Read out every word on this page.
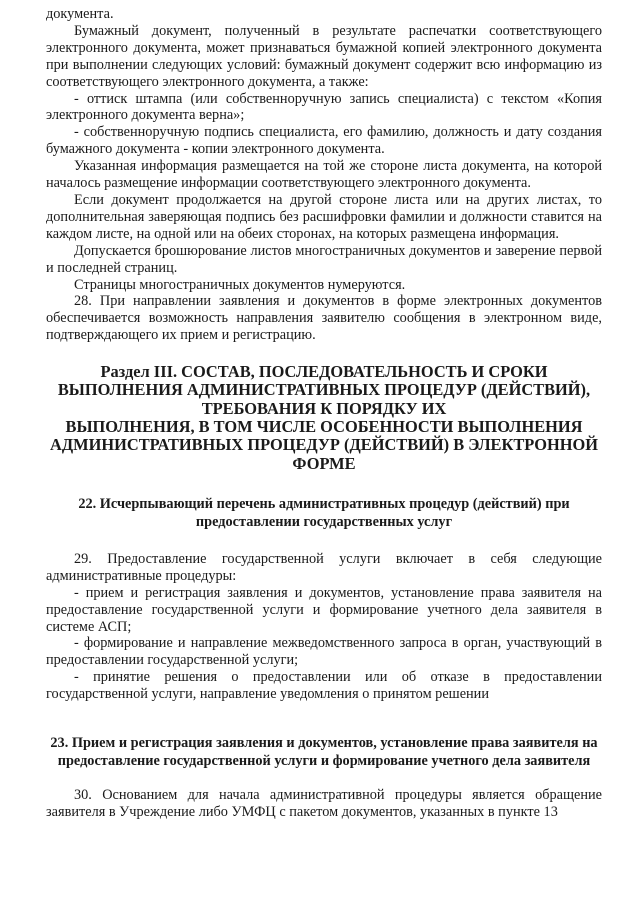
документа.

Бумажный документ, полученный в результате распечатки соответствующего электронного документа, может признаваться бумажной копией электронного документа при выполнении следующих условий: бумажный документ содержит всю информацию из соответствующего электронного документа, а также:

- оттиск штампа (или собственноручную запись специалиста) с текстом «Копия электронного документа верна»;

- собственноручную подпись специалиста, его фамилию, должность и дату создания бумажного документа - копии электронного документа.

Указанная информация размещается на той же стороне листа документа, на которой началось размещение информации соответствующего электронного документа.

Если документ продолжается на другой стороне листа или на других листах, то дополнительная заверяющая подпись без расшифровки фамилии и должности ставится на каждом листе, на одной или на обеих сторонах, на которых размещена информация.

Допускается брошюрование листов многостраничных документов и заверение первой и последней страниц.

Страницы многостраничных документов нумеруются.

28. При направлении заявления и документов в форме электронных документов обеспечивается возможность направления заявителю сообщения в электронном виде, подтверждающего их прием и регистрацию.

Раздел III. СОСТАВ, ПОСЛЕДОВАТЕЛЬНОСТЬ И СРОКИ ВЫПОЛНЕНИЯ АДМИНИСТРАТИВНЫХ ПРОЦЕДУР (ДЕЙСТВИЙ), ТРЕБОВАНИЯ К ПОРЯДКУ ИХ
ВЫПОЛНЕНИЯ, В ТОМ ЧИСЛЕ ОСОБЕННОСТИ ВЫПОЛНЕНИЯ АДМИНИСТРАТИВНЫХ ПРОЦЕДУР (ДЕЙСТВИЙ) В ЭЛЕКТРОННОЙ ФОРМЕ
22. Исчерпывающий перечень административных процедур (действий) при предоставлении государственных услуг

29. Предоставление государственной услуги включает в себя следующие административные процедуры:

- прием и регистрация заявления и документов, установление права заявителя на предоставление государственной услуги и формирование учетного дела заявителя в системе АСП;

- формирование и направление межведомственного запроса в орган, участвующий в предоставлении государственной услуги;

- принятие решения о предоставлении или об отказе в предоставлении государственной услуги, направление уведомления о принятом решении

23. Прием и регистрация заявления и документов, установление права заявителя на предоставление государственной услуги и формирование учетного дела заявителя

30. Основанием для начала административной процедуры является обращение заявителя в Учреждение либо УМФЦ с пакетом документов, указанных в пункте 13
